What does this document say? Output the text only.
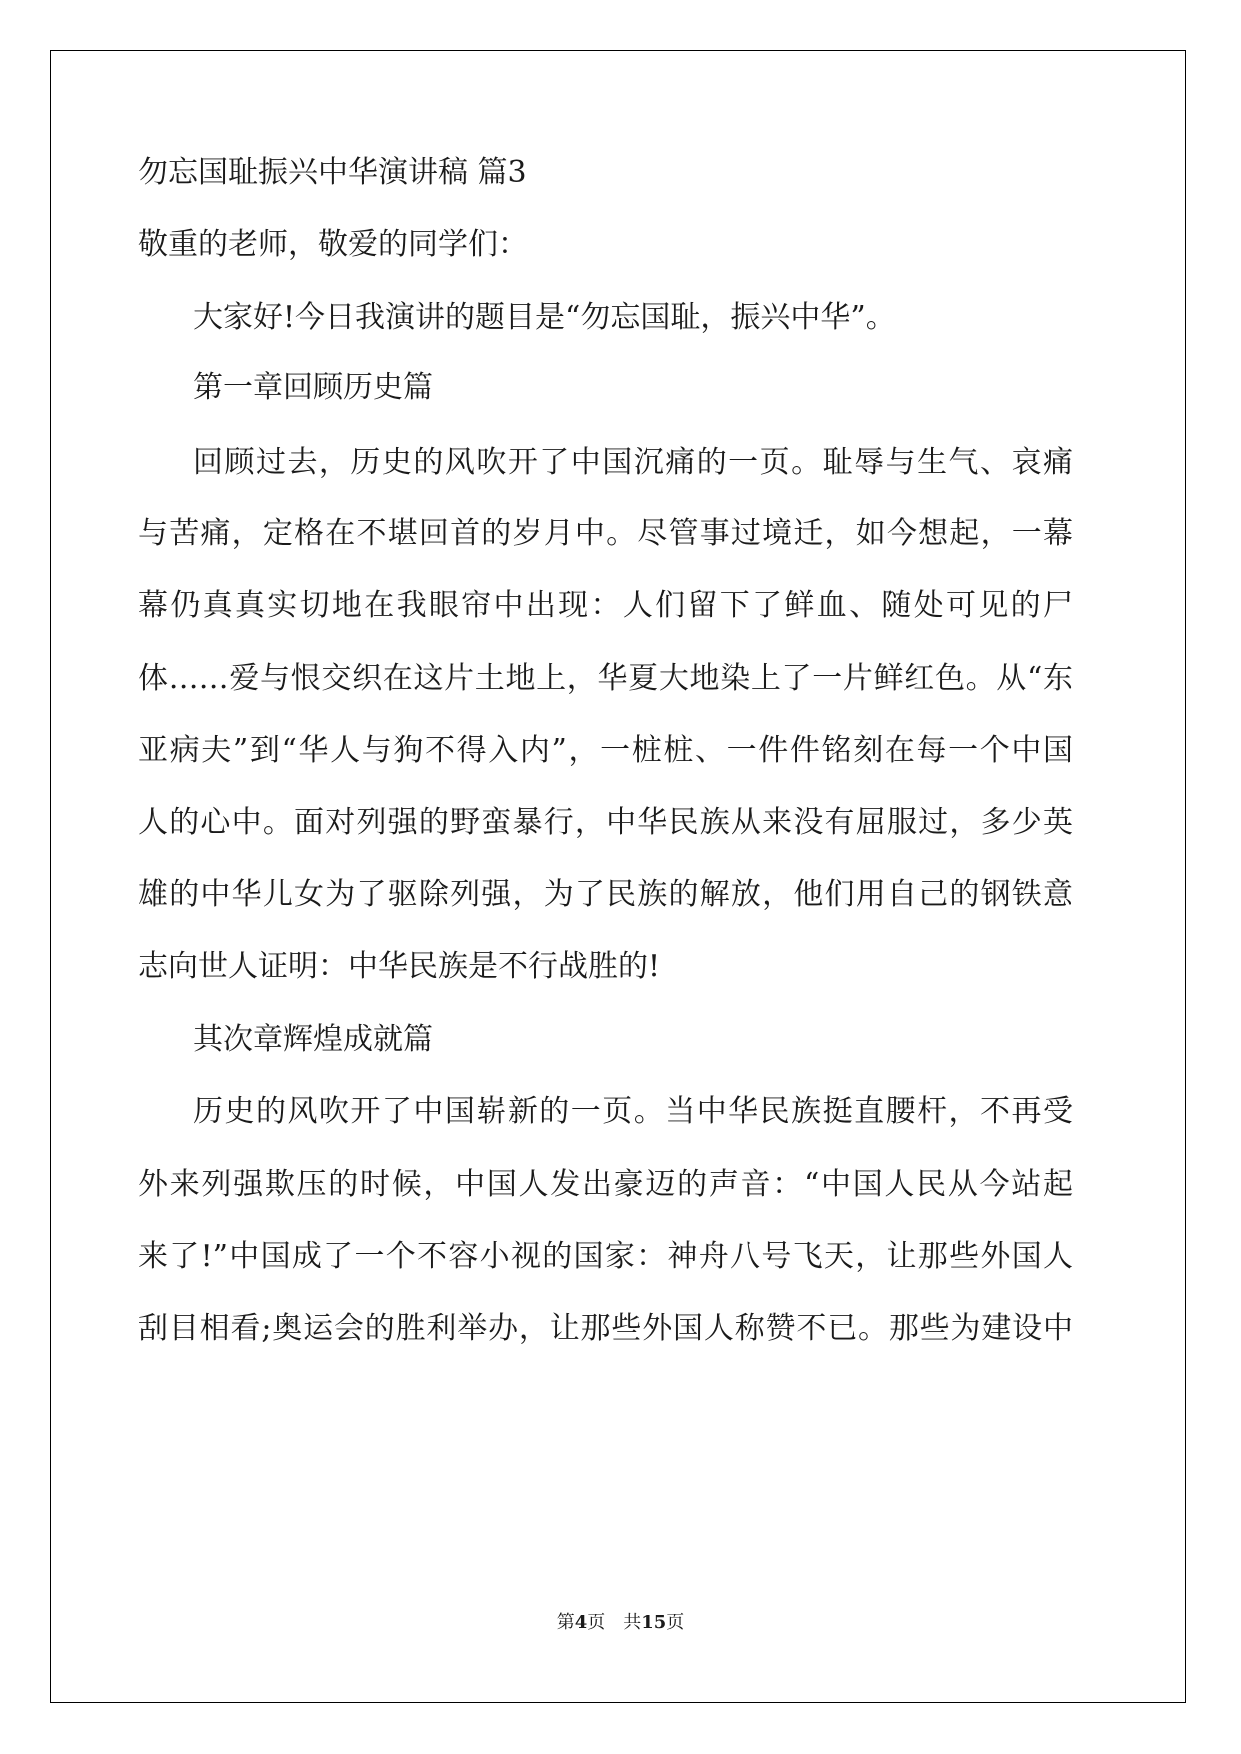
勿忘国耻振兴中华演讲稿 篇3
敬重的老师，敬爱的同学们：
大家好!今日我演讲的题目是“勿忘国耻，振兴中华”。
第一章回顾历史篇
回顾过去，历史的风吹开了中国沉痛的一页。耻辱与生气、哀痛
与苦痛，定格在不堪回首的岁月中。尽管事过境迁，如今想起，一幕
幕仍真真实切地在我眼帘中出现：人们留下了鲜血、随处可见的尸
体……爱与恨交织在这片土地上，华夏大地染上了一片鲜红色。从“东
亚病夫”到“华人与狗不得入内”，一桩桩、一件件铭刻在每一个中国
人的心中。面对列强的野蛮暴行，中华民族从来没有屈服过，多少英
雄的中华儿女为了驱除列强，为了民族的解放，他们用自己的钢铁意
志向世人证明：中华民族是不行战胜的!
其次章辉煌成就篇
历史的风吹开了中国崭新的一页。当中华民族挺直腰杆，不再受
外来列强欺压的时候，中国人发出豪迈的声音：“中国人民从今站起
来了!”中国成了一个不容小视的国家：神舟八号飞天，让那些外国人
刮目相看;奥运会的胜利举办，让那些外国人称赞不已。那些为建设中
第4页　共15页
